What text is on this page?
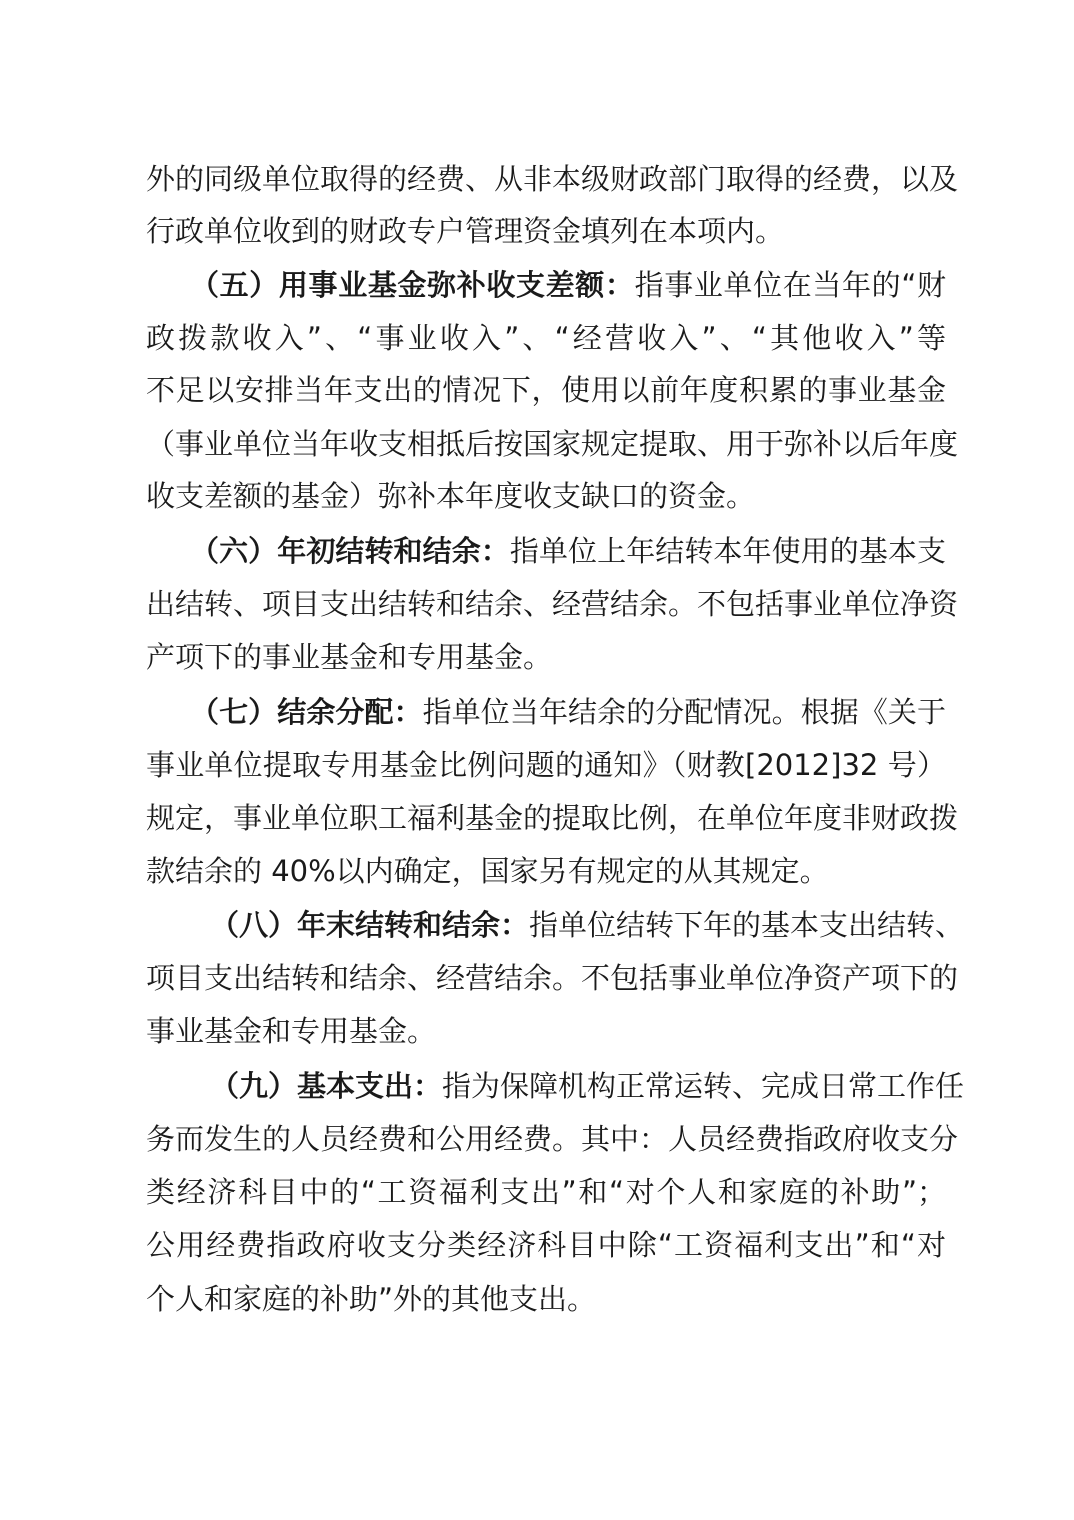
外的同级单位取得的经费、从非本级财政部门取得的经费，以及
行政单位收到的财政专户管理资金填列在本项内。
（五）用事业基金弥补收支差额：指事业单位在当年的“财
政拨款收入”、“事业收入”、“经营收入”、“其他收入”等
不足以安排当年支出的情况下，使用以前年度积累的事业基金
（事业单位当年收支相抵后按国家规定提取、用于弥补以后年度
收支差额的基金）弥补本年度收支缺口的资金。
（六）年初结转和结余：指单位上年结转本年使用的基本支
出结转、项目支出结转和结余、经营结余。不包括事业单位净资
产项下的事业基金和专用基金。
（七）结余分配：指单位当年结余的分配情况。根据《关于
事业单位提取专用基金比例问题的通知》（财教[2012]32 号）
规定，事业单位职工福利基金的提取比例，在单位年度非财政拨
款结余的 40%以内确定，国家另有规定的从其规定。
（八）年末结转和结余：指单位结转下年的基本支出结转、
项目支出结转和结余、经营结余。不包括事业单位净资产项下的
事业基金和专用基金。
（九）基本支出：指为保障机构正常运转、完成日常工作任
务而发生的人员经费和公用经费。其中：人员经费指政府收支分
类经济科目中的“工资福利支出”和“对个人和家庭的补助”；
公用经费指政府收支分类经济科目中除“工资福利支出”和“对
个人和家庭的补助”外的其他支出。
